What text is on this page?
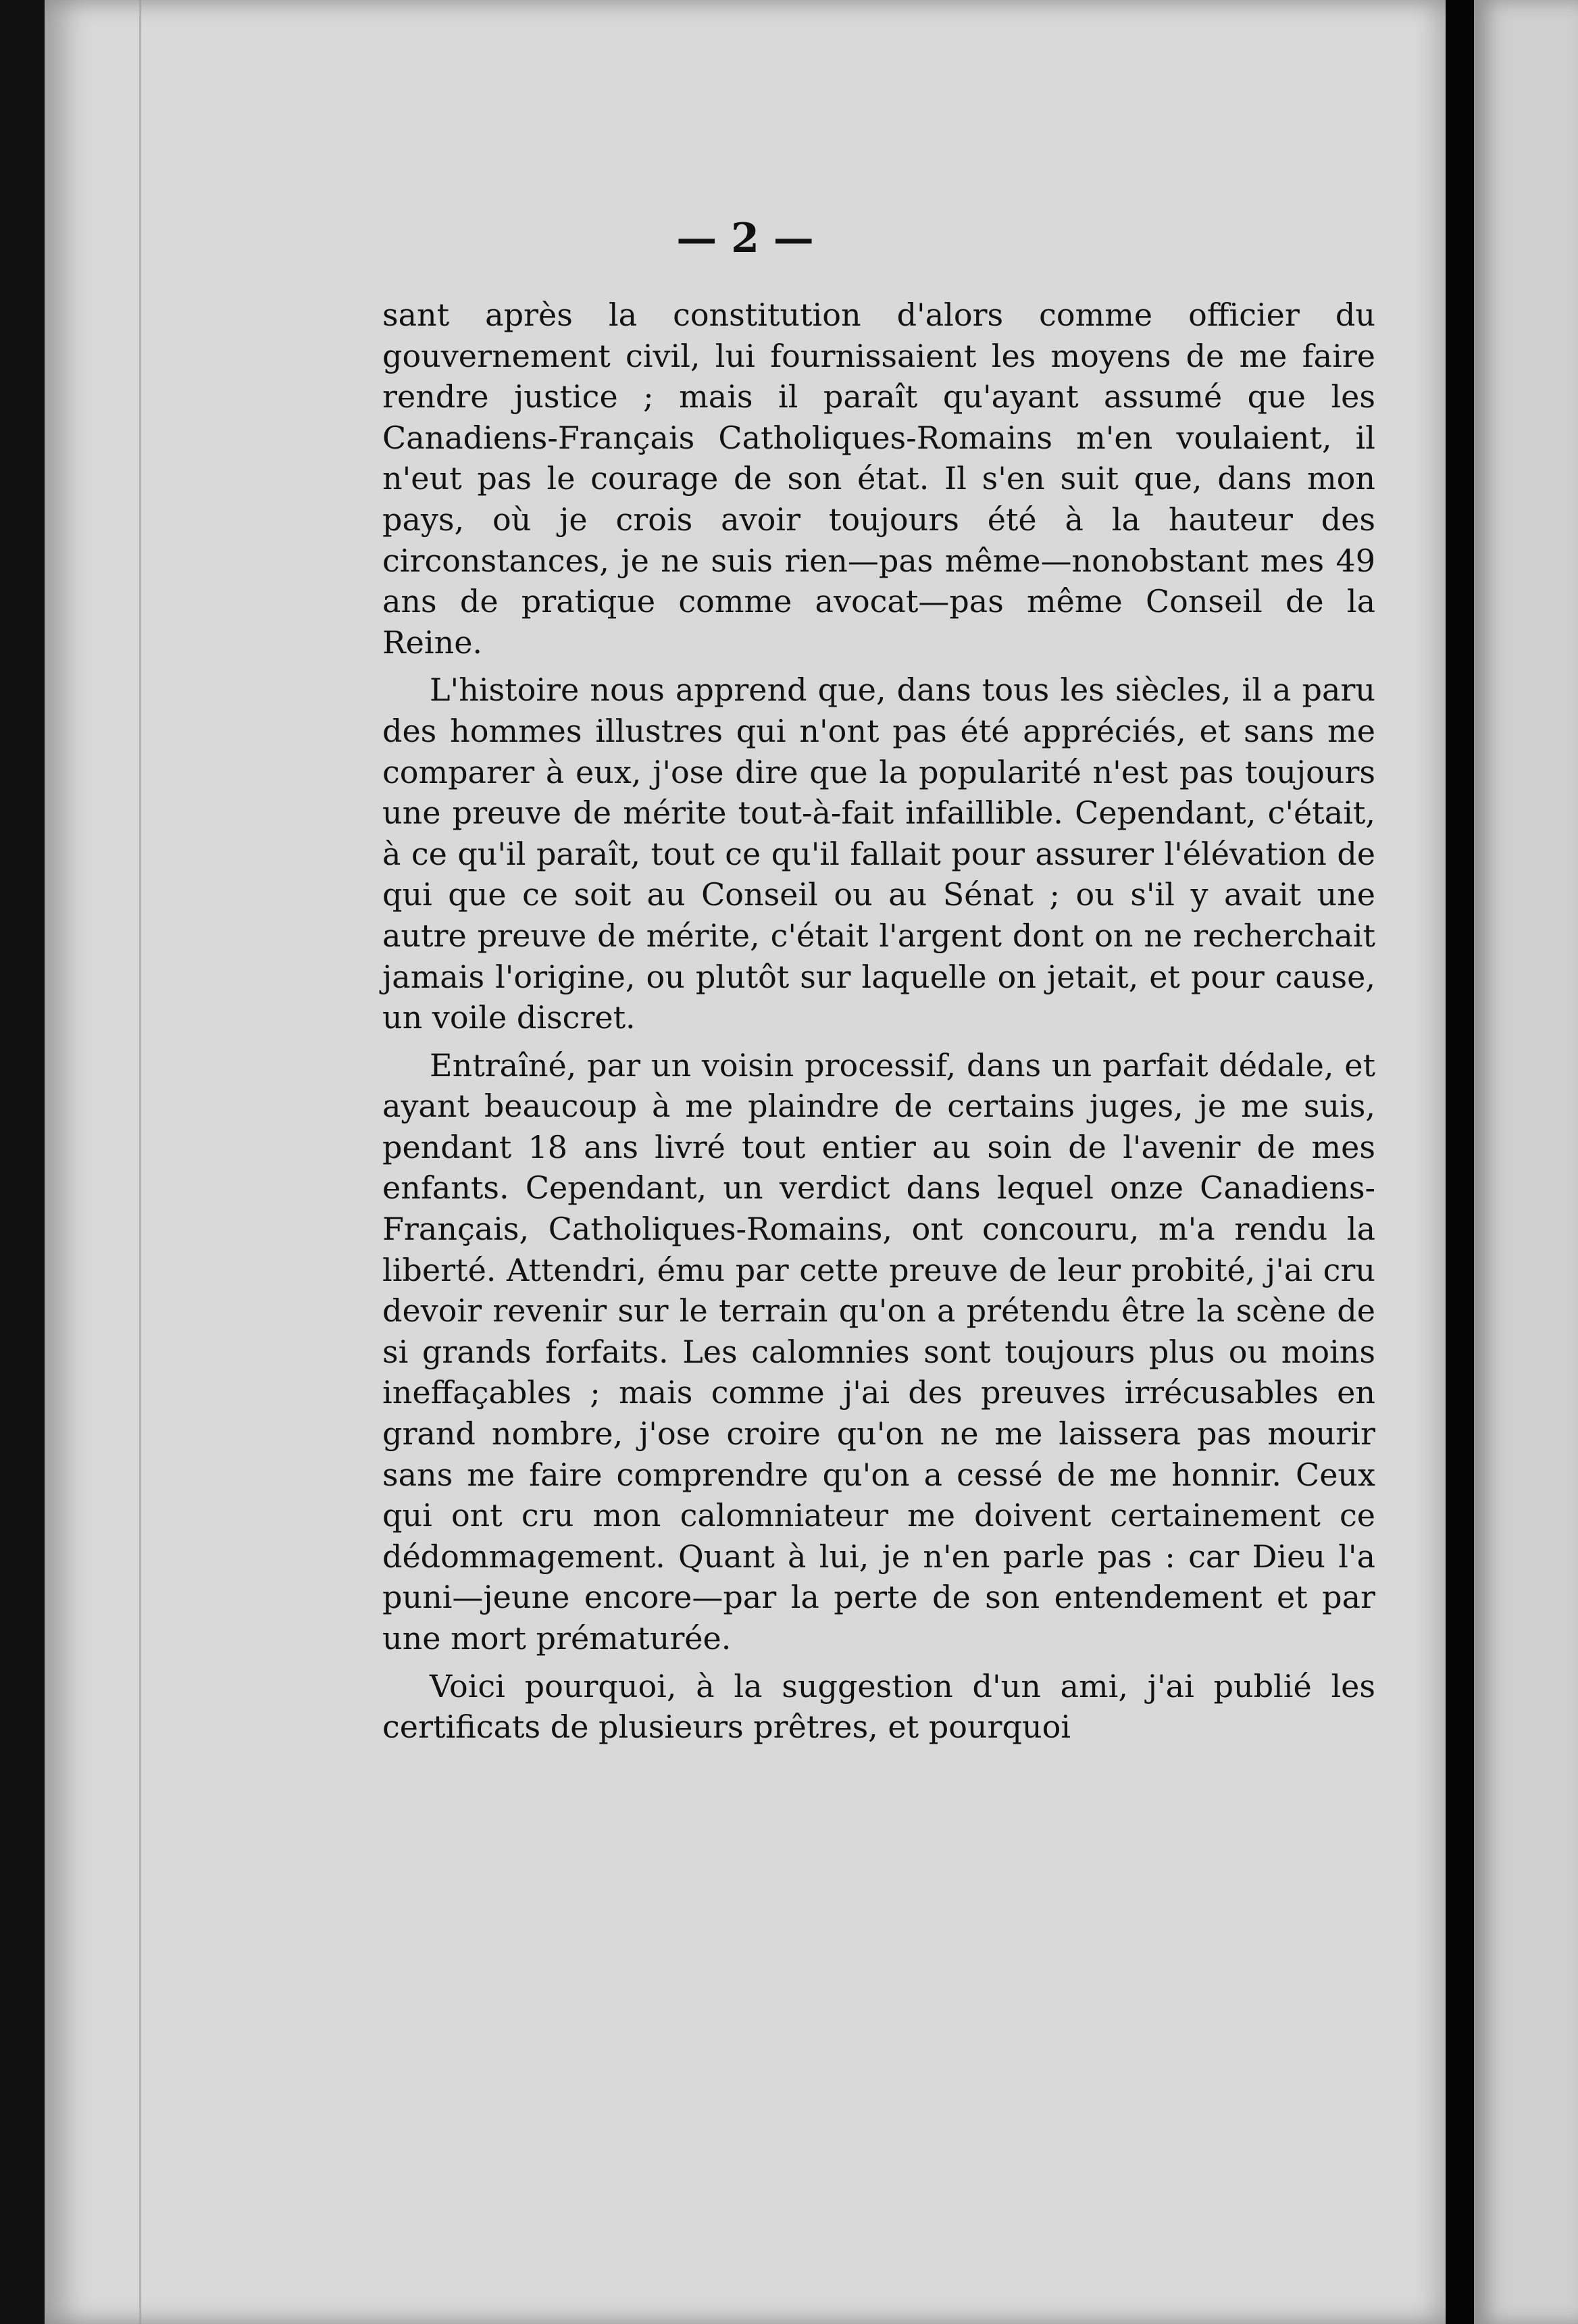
— 2 —

sant après la constitution d'alors comme officier du gouvernement civil, lui fournissaient les moyens de me faire rendre justice ; mais il paraît qu'ayant assumé que les Canadiens-Français Catholiques-Romains m'en voulaient, il n'eut pas le courage de son état. Il s'en suit que, dans mon pays, où je crois avoir toujours été à la hauteur des circonstances, je ne suis rien—pas même—nonobstant mes 49 ans de pratique comme avocat—pas même Conseil de la Reine.

L'histoire nous apprend que, dans tous les siècles, il a paru des hommes illustres qui n'ont pas été appréciés, et sans me comparer à eux, j'ose dire que la popularité n'est pas toujours une preuve de mérite tout-à-fait infaillible. Cependant, c'était, à ce qu'il paraît, tout ce qu'il fallait pour assurer l'élévation de qui que ce soit au Conseil ou au Sénat ; ou s'il y avait une autre preuve de mérite, c'était l'argent dont on ne recherchait jamais l'origine, ou plutôt sur laquelle on jetait, et pour cause, un voile discret.

Entraîné, par un voisin processif, dans un parfait dédale, et ayant beaucoup à me plaindre de certains juges, je me suis, pendant 18 ans livré tout entier au soin de l'avenir de mes enfants. Cependant, un verdict dans lequel onze Canadiens-Français, Catholiques-Romains, ont concouru, m'a rendu la liberté. Attendri, ému par cette preuve de leur probité, j'ai cru devoir revenir sur le terrain qu'on a prétendu être la scène de si grands forfaits. Les calomnies sont toujours plus ou moins ineffaçables ; mais comme j'ai des preuves irrécusables en grand nombre, j'ose croire qu'on ne me laissera pas mourir sans me faire comprendre qu'on a cessé de me honnir. Ceux qui ont cru mon calomniateur me doivent certainement ce dédommagement. Quant à lui, je n'en parle pas : car Dieu l'a puni—jeune encore—par la perte de son entendement et par une mort prématurée.

Voici pourquoi, à la suggestion d'un ami, j'ai publié les certificats de plusieurs prêtres, et pourquoi
